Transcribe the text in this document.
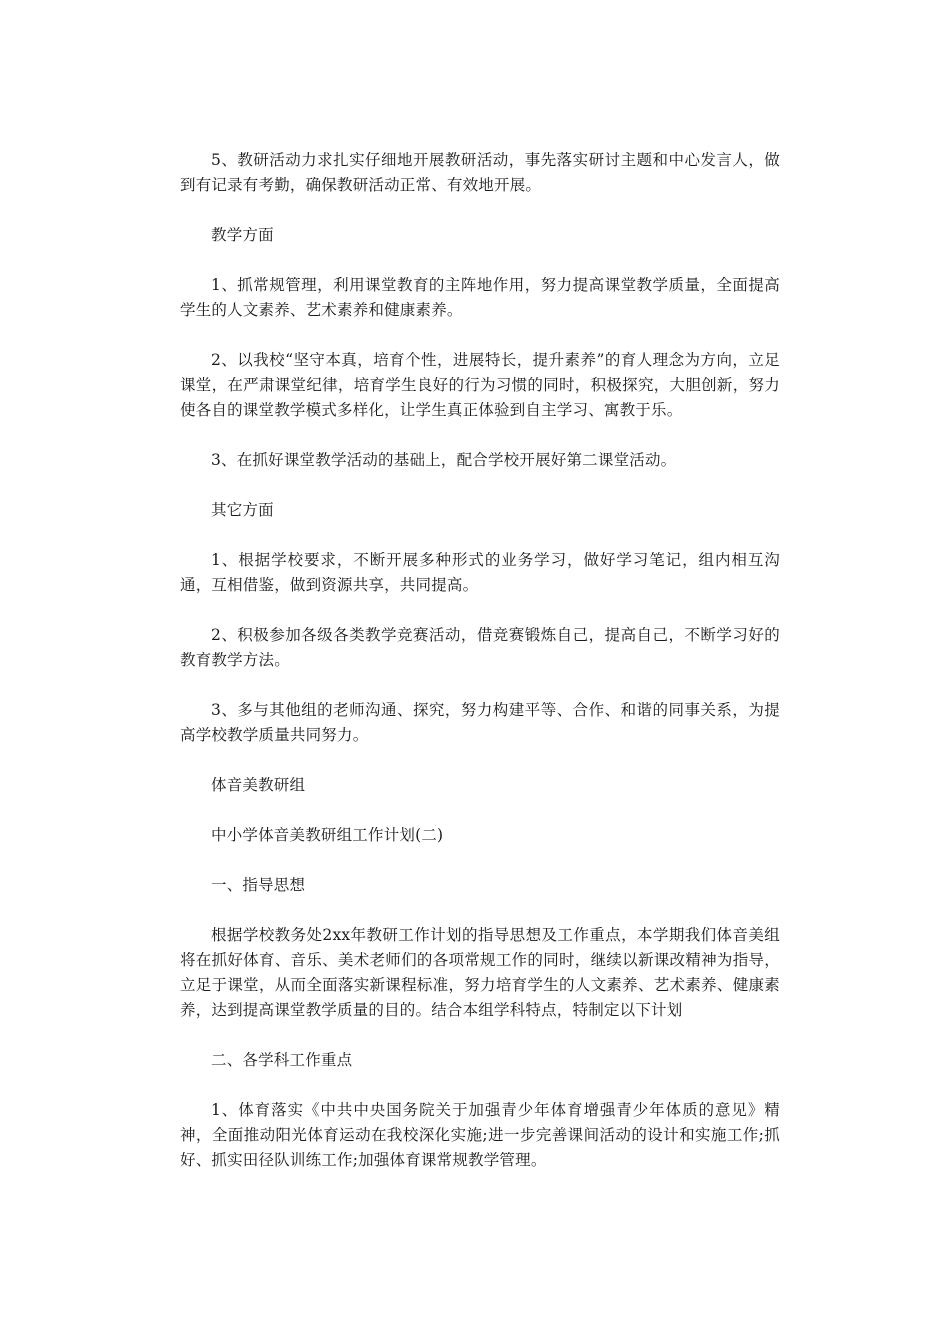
5、教研活动力求扎实仔细地开展教研活动，事先落实研讨主题和中心发言人，做到有记录有考勤，确保教研活动正常、有效地开展。

教学方面

1、抓常规管理，利用课堂教育的主阵地作用，努力提高课堂教学质量，全面提高学生的人文素养、艺术素养和健康素养。

2、以我校“坚守本真，培育个性，进展特长，提升素养”的育人理念为方向，立足课堂，在严肃课堂纪律，培育学生良好的行为习惯的同时，积极探究，大胆创新，努力使各自的课堂教学模式多样化，让学生真正体验到自主学习、寓教于乐。

3、在抓好课堂教学活动的基础上，配合学校开展好第二课堂活动。

其它方面

1、根据学校要求，不断开展多种形式的业务学习，做好学习笔记，组内相互沟通，互相借鉴，做到资源共享，共同提高。

2、积极参加各级各类教学竞赛活动，借竞赛锻炼自己，提高自己，不断学习好的教育教学方法。

3、多与其他组的老师沟通、探究，努力构建平等、合作、和谐的同事关系，为提高学校教学质量共同努力。

体音美教研组

中小学体音美教研组工作计划(二)

一、指导思想

根据学校教务处2xx年教研工作计划的指导思想及工作重点，本学期我们体音美组将在抓好体育、音乐、美术老师们的各项常规工作的同时，继续以新课改精神为指导，立足于课堂，从而全面落实新课程标准，努力培育学生的人文素养、艺术素养、健康素养，达到提高课堂教学质量的目的。结合本组学科特点，特制定以下计划

二、各学科工作重点

1、体育落实《中共中央国务院关于加强青少年体育增强青少年体质的意见》精神，全面推动阳光体育运动在我校深化实施;进一步完善课间活动的设计和实施工作;抓好、抓实田径队训练工作;加强体育课常规教学管理。
